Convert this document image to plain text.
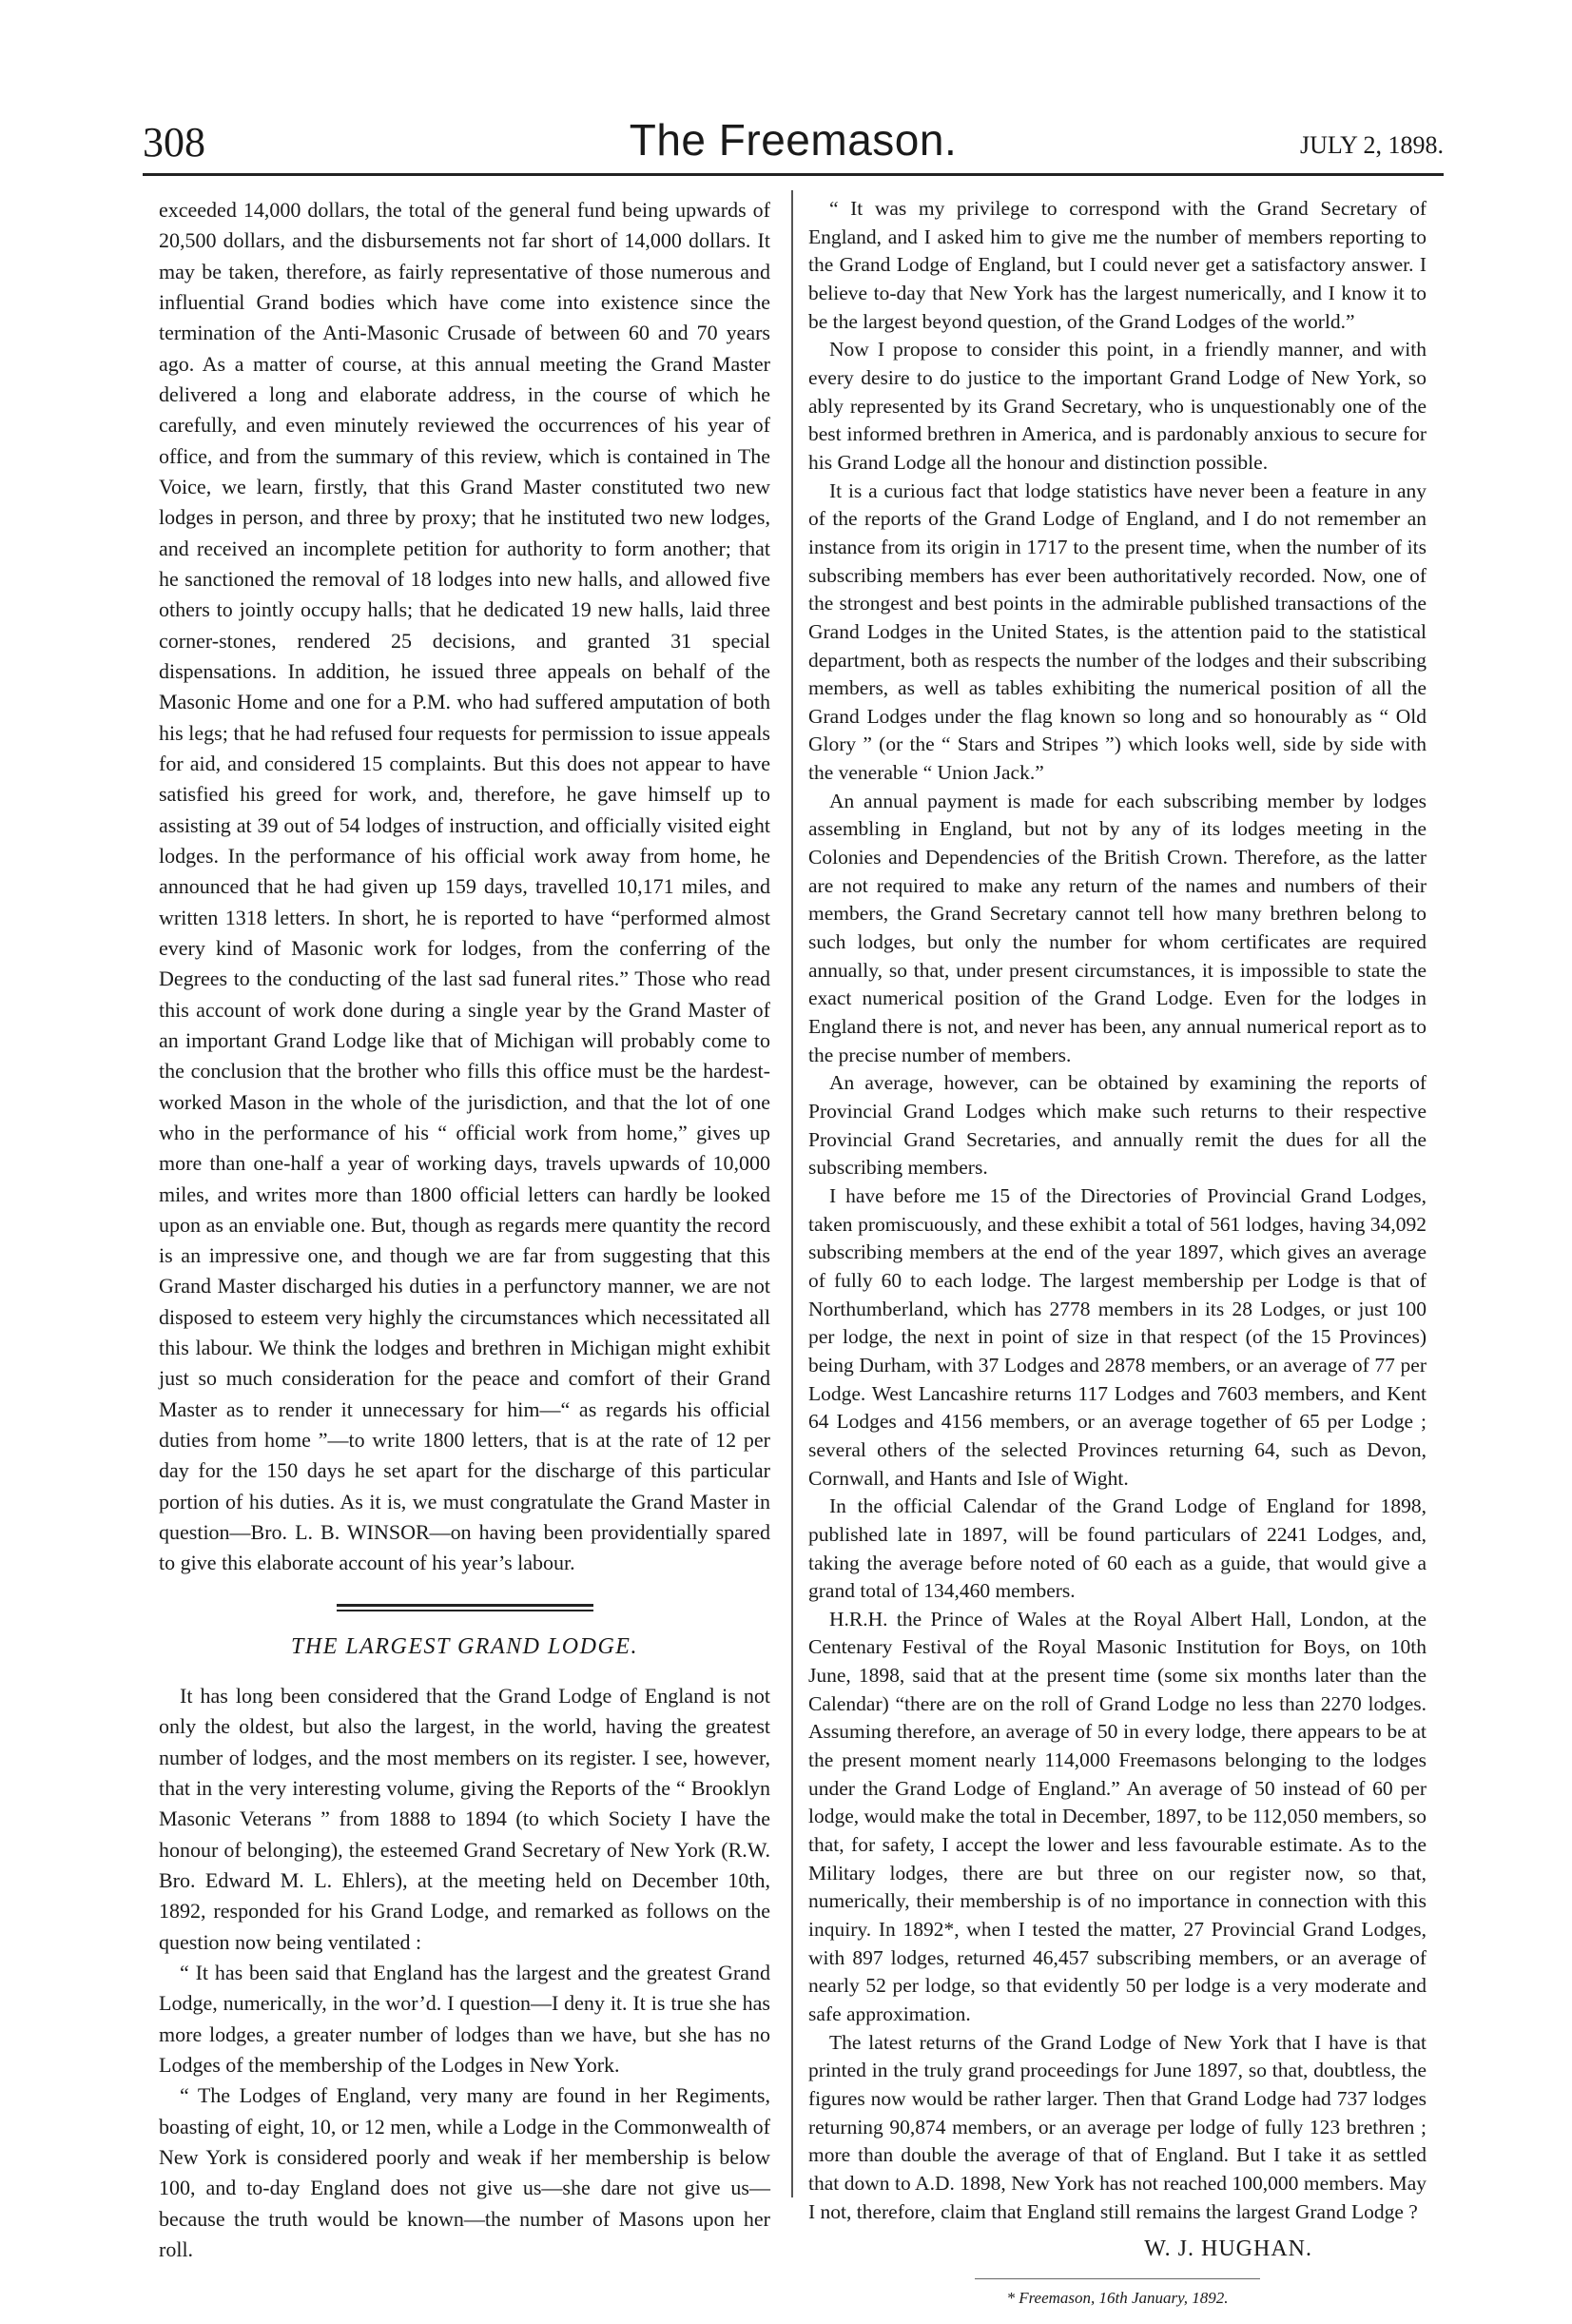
308	The Freemason.	JULY 2, 1898.

exceeded 14,000 dollars, the total of the general fund being upwards of 20,500 dollars, and the disbursements not far short of 14,000 dollars. It may be taken, therefore, as fairly representative of those numerous and influential Grand bodies which have come into existence since the termination of the Anti-Masonic Crusade of between 60 and 70 years ago. As a matter of course, at this annual meeting the Grand Master delivered a long and elaborate address, in the course of which he carefully, and even minutely reviewed the occurrences of his year of office, and from the summary of this review, which is contained in The Voice, we learn, firstly, that this Grand Master constituted two new lodges in person, and three by proxy; that he instituted two new lodges, and received an incomplete petition for authority to form another; that he sanctioned the removal of 18 lodges into new halls, and allowed five others to jointly occupy halls; that he dedicated 19 new halls, laid three corner-stones, rendered 25 decisions, and granted 31 special dispensations. In addition, he issued three appeals on behalf of the Masonic Home and one for a P.M. who had suffered amputation of both his legs; that he had refused four requests for permission to issue appeals for aid, and considered 15 complaints. But this does not appear to have satisfied his greed for work, and, therefore, he gave himself up to assisting at 39 out of 54 lodges of instruction, and officially visited eight lodges. In the performance of his official work away from home, he announced that he had given up 159 days, travelled 10,171 miles, and written 1318 letters. In short, he is reported to have “performed almost every kind of Masonic work for lodges, from the conferring of the Degrees to the conducting of the last sad funeral rites.” Those who read this account of work done during a single year by the Grand Master of an important Grand Lodge like that of Michigan will probably come to the conclusion that the brother who fills this office must be the hardest-worked Mason in the whole of the jurisdiction, and that the lot of one who in the performance of his “ official work from home,” gives up more than one-half a year of working days, travels upwards of 10,000 miles, and writes more than 1800 official letters can hardly be looked upon as an enviable one. But, though as regards mere quantity the record is an impressive one, and though we are far from suggesting that this Grand Master discharged his duties in a perfunctory manner, we are not disposed to esteem very highly the circumstances which necessitated all this labour. We think the lodges and brethren in Michigan might exhibit just so much consideration for the peace and comfort of their Grand Master as to render it unnecessary for him—“ as regards his official duties from home ”—to write 1800 letters, that is at the rate of 12 per day for the 150 days he set apart for the discharge of this particular portion of his duties. As it is, we must congratulate the Grand Master in question—Bro. L. B. WINSOR—on having been providentially spared to give this elaborate account of his year’s labour.

THE LARGEST GRAND LODGE.

It has long been considered that the Grand Lodge of England is not only the oldest, but also the largest, in the world, having the greatest number of lodges, and the most members on its register. I see, however, that in the very interesting volume, giving the Reports of the “ Brooklyn Masonic Veterans ” from 1888 to 1894 (to which Society I have the honour of belonging), the esteemed Grand Secretary of New York (R.W. Bro. Edward M. L. Ehlers), at the meeting held on December 10th, 1892, responded for his Grand Lodge, and remarked as follows on the question now being ventilated :

“ It has been said that England has the largest and the greatest Grand Lodge, numerically, in the wor’d. I question—I deny it. It is true she has more lodges, a greater number of lodges than we have, but she has no Lodges of the membership of the Lodges in New York.

“ The Lodges of England, very many are found in her Regiments, boasting of eight, 10, or 12 men, while a Lodge in the Commonwealth of New York is considered poorly and weak if her membership is below 100, and to-day England does not give us—she dare not give us—because the truth would be known—the number of Masons upon her roll.

“ It was my privilege to correspond with the Grand Secretary of England, and I asked him to give me the number of members reporting to the Grand Lodge of England, but I could never get a satisfactory answer. I believe to-day that New York has the largest numerically, and I know it to be the largest beyond question, of the Grand Lodges of the world.”

Now I propose to consider this point, in a friendly manner, and with every desire to do justice to the important Grand Lodge of New York, so ably represented by its Grand Secretary, who is unquestionably one of the best informed brethren in America, and is pardonably anxious to secure for his Grand Lodge all the honour and distinction possible.

It is a curious fact that lodge statistics have never been a feature in any of the reports of the Grand Lodge of England, and I do not remember an instance from its origin in 1717 to the present time, when the number of its subscribing members has ever been authoritatively recorded. Now, one of the strongest and best points in the admirable published transactions of the Grand Lodges in the United States, is the attention paid to the statistical department, both as respects the number of the lodges and their subscribing members, as well as tables exhibiting the numerical position of all the Grand Lodges under the flag known so long and so honourably as “ Old Glory ” (or the “ Stars and Stripes ”) which looks well, side by side with the venerable “ Union Jack.”

An annual payment is made for each subscribing member by lodges assembling in England, but not by any of its lodges meeting in the Colonies and Dependencies of the British Crown. Therefore, as the latter are not required to make any return of the names and numbers of their members, the Grand Secretary cannot tell how many brethren belong to such lodges, but only the number for whom certificates are required annually, so that, under present circumstances, it is impossible to state the exact numerical position of the Grand Lodge. Even for the lodges in England there is not, and never has been, any annual numerical report as to the precise number of members.

An average, however, can be obtained by examining the reports of Provincial Grand Lodges which make such returns to their respective Provincial Grand Secretaries, and annually remit the dues for all the subscribing members.

I have before me 15 of the Directories of Provincial Grand Lodges, taken promiscuously, and these exhibit a total of 561 lodges, having 34,092 subscribing members at the end of the year 1897, which gives an average of fully 60 to each lodge. The largest membership per Lodge is that of Northumberland, which has 2778 members in its 28 Lodges, or just 100 per lodge, the next in point of size in that respect (of the 15 Provinces) being Durham, with 37 Lodges and 2878 members, or an average of 77 per Lodge. West Lancashire returns 117 Lodges and 7603 members, and Kent 64 Lodges and 4156 members, or an average together of 65 per Lodge ; several others of the selected Provinces returning 64, such as Devon, Cornwall, and Hants and Isle of Wight.

In the official Calendar of the Grand Lodge of England for 1898, published late in 1897, will be found particulars of 2241 Lodges, and, taking the average before noted of 60 each as a guide, that would give a grand total of 134,460 members.

H.R.H. the Prince of Wales at the Royal Albert Hall, London, at the Centenary Festival of the Royal Masonic Institution for Boys, on 10th June, 1898, said that at the present time (some six months later than the Calendar) “there are on the roll of Grand Lodge no less than 2270 lodges. Assuming therefore, an average of 50 in every lodge, there appears to be at the present moment nearly 114,000 Freemasons belonging to the lodges under the Grand Lodge of England.” An average of 50 instead of 60 per lodge, would make the total in December, 1897, to be 112,050 members, so that, for safety, I accept the lower and less favourable estimate. As to the Military lodges, there are but three on our register now, so that, numerically, their membership is of no importance in connection with this inquiry. In 1892*, when I tested the matter, 27 Provincial Grand Lodges, with 897 lodges, returned 46,457 subscribing members, or an average of nearly 52 per lodge, so that evidently 50 per lodge is a very moderate and safe approximation.

The latest returns of the Grand Lodge of New York that I have is that printed in the truly grand proceedings for June 1897, so that, doubtless, the figures now would be rather larger. Then that Grand Lodge had 737 lodges returning 90,874 members, or an average per lodge of fully 123 brethren ; more than double the average of that of England. But I take it as settled that down to A.D. 1898, New York has not reached 100,000 members. May I not, therefore, claim that England still remains the largest Grand Lodge ?

W. J. HUGHAN.
* Freemason, 16th January, 1892.
